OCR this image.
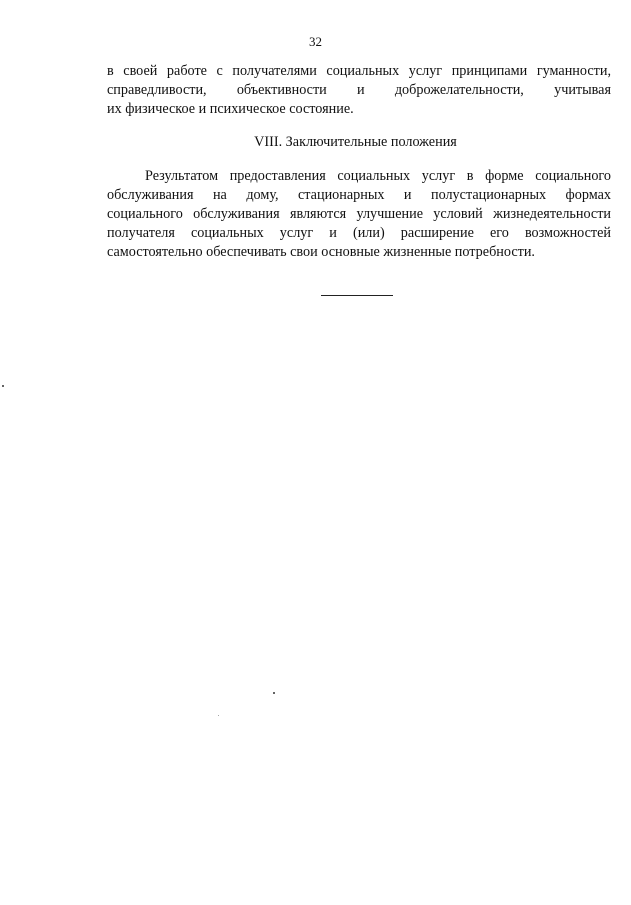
32
в своей работе с получателями социальных услуг принципами гуманности,
справедливости, объективности и доброжелательности, учитывая
их физическое и психическое состояние.
VIII. Заключительные положения
Результатом предоставления социальных услуг в форме социального
обслуживания на дому, стационарных и полустационарных формах
социального обслуживания являются улучшение условий жизнедеятельности
получателя социальных услуг и (или) расширение его возможностей
самостоятельно обеспечивать свои основные жизненные потребности.
